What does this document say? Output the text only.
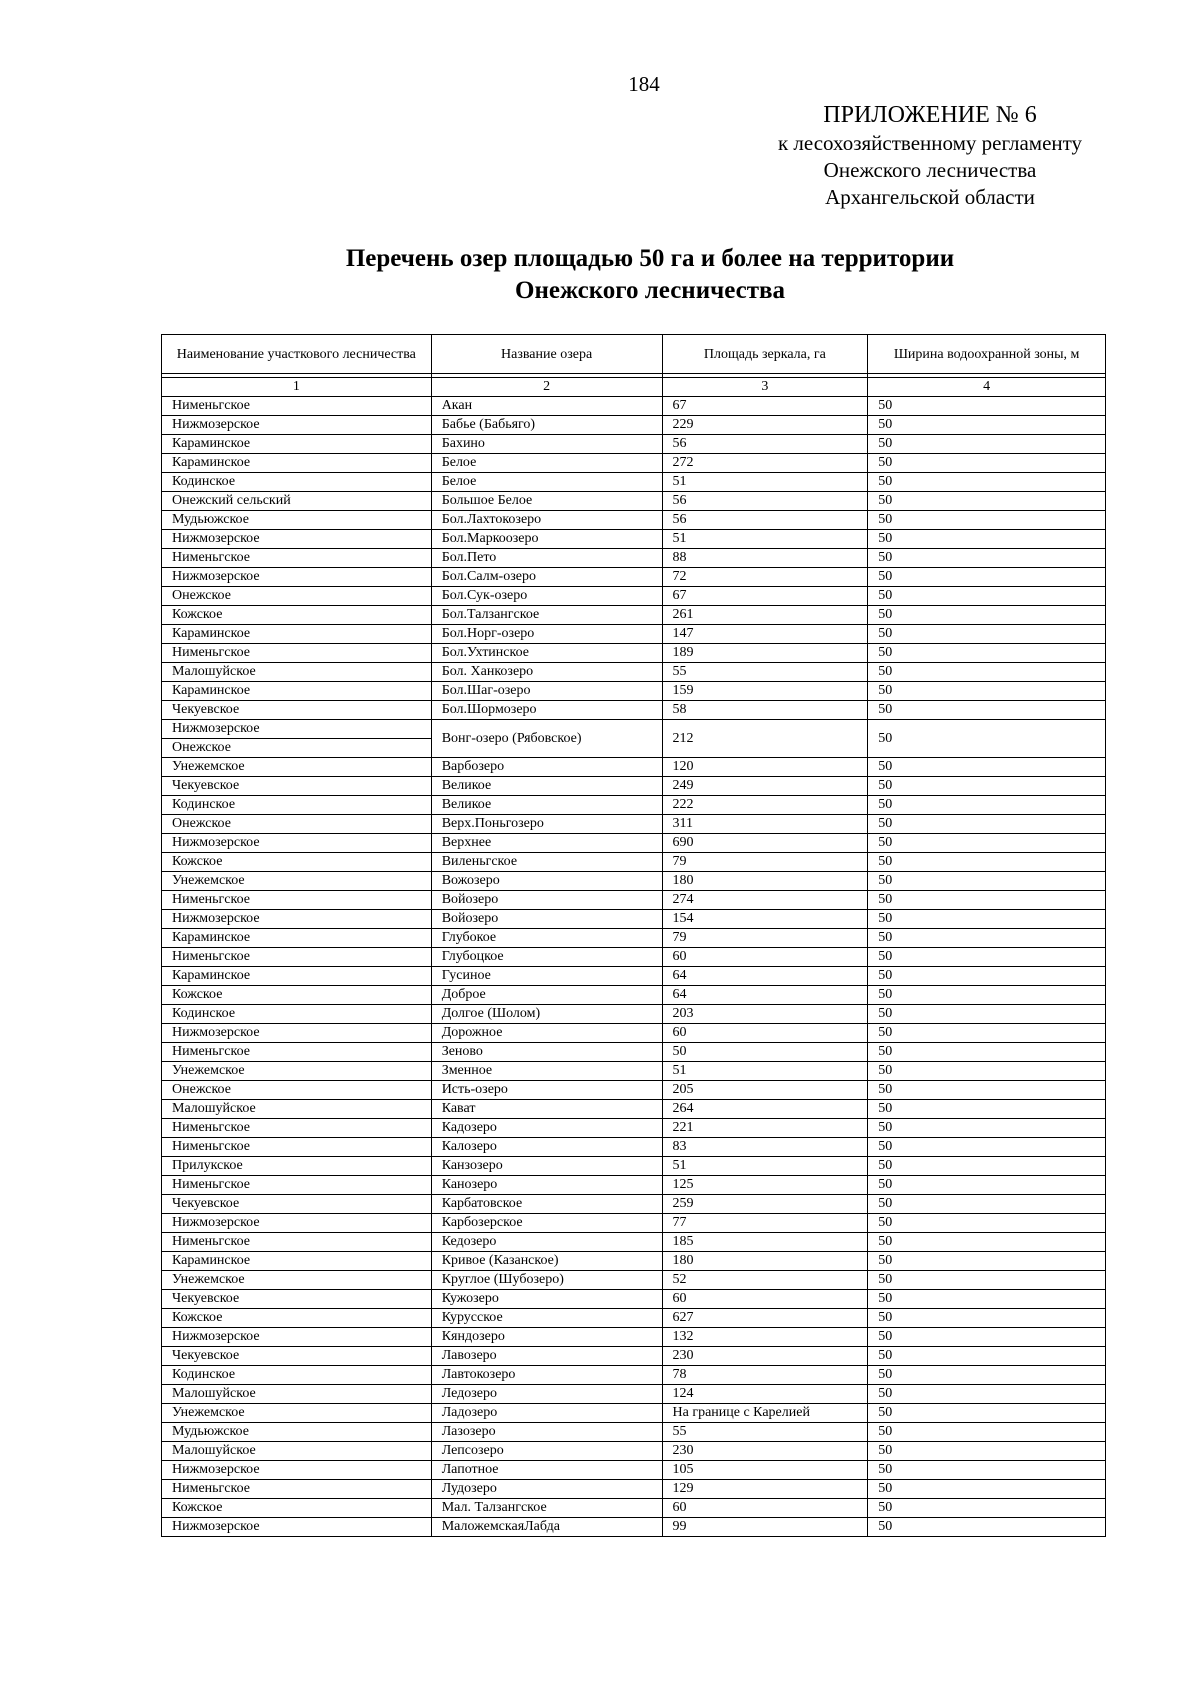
184
ПРИЛОЖЕНИЕ № 6
к лесохозяйственному регламенту
Онежского лесничества
Архангельской области
Перечень озер площадью 50 га и более на территории
Онежского лесничества
Наименование участкового лесничества	Название озера	Площадь зеркала, га	Ширина водоохранной зоны, м

1	2	3	4
Нименьгское	Акан	67	50
Нижмозерское	Бабье (Бабьяго)	229	50
Караминское	Бахино	56	50
Караминское	Белое	272	50
Кодинское	Белое	51	50
Онежский сельский	Большое Белое	56	50
Мудьюжское	Бол.Лахтокозеро	56	50
Нижмозерское	Бол.Маркоозеро	51	50
Нименьгское	Бол.Пето	88	50
Нижмозерское	Бол.Салм-озеро	72	50
Онежское	Бол.Сук-озеро	67	50
Кожское	Бол.Талзангское	261	50
Караминское	Бол.Норг-озеро	147	50
Нименьгское	Бол.Ухтинское	189	50
Малошуйское	Бол. Ханкозеро	55	50
Караминское	Бол.Шаг-озеро	159	50
Чекуевское	Бол.Шормозеро	58	50
Нижмозерское	Вонг-озеро (Рябовское)	212	50
Онежское			
Унежемское	Варбозеро	120	50
Чекуевское	Великое	249	50
Кодинское	Великое	222	50
Онежское	Верх.Поньгозеро	311	50
Нижмозерское	Верхнее	690	50
Кожское	Виленьгское	79	50
Унежемское	Вожозеро	180	50
Нименьгское	Войозеро	274	50
Нижмозерское	Войозеро	154	50
Караминское	Глубокое	79	50
Нименьгское	Глубоцкое	60	50
Караминское	Гусиное	64	50
Кожское	Доброе	64	50
Кодинское	Долгое (Шолом)	203	50
Нижмозерское	Дорожное	60	50
Нименьгское	Зеново	50	50
Унежемское	Зменное	51	50
Онежское	Исть-озеро	205	50
Малошуйское	Кават	264	50
Нименьгское	Кадозеро	221	50
Нименьгское	Калозеро	83	50
Прилукское	Канзозеро	51	50
Нименьгское	Канозеро	125	50
Чекуевское	Карбатовское	259	50
Нижмозерское	Карбозерское	77	50
Нименьгское	Кедозеро	185	50
Караминское	Кривое (Казанское)	180	50
Унежемское	Круглое (Шубозеро)	52	50
Чекуевское	Кужозеро	60	50
Кожское	Курусское	627	50
Нижмозерское	Кяндозеро	132	50
Чекуевское	Лавозеро	230	50
Кодинское	Лавтокозеро	78	50
Малошуйское	Ледозеро	124	50
Унежемское	Ладозеро	На границе с Карелией	50
Мудьюжское	Лазозеро	55	50
Малошуйское	Лепсозеро	230	50
Нижмозерское	Лапотное	105	50
Нименьгское	Лудозеро	129	50
Кожское	Мал. Талзангское	60	50
Нижмозерское	МаложемскаяЛабда	99	50
